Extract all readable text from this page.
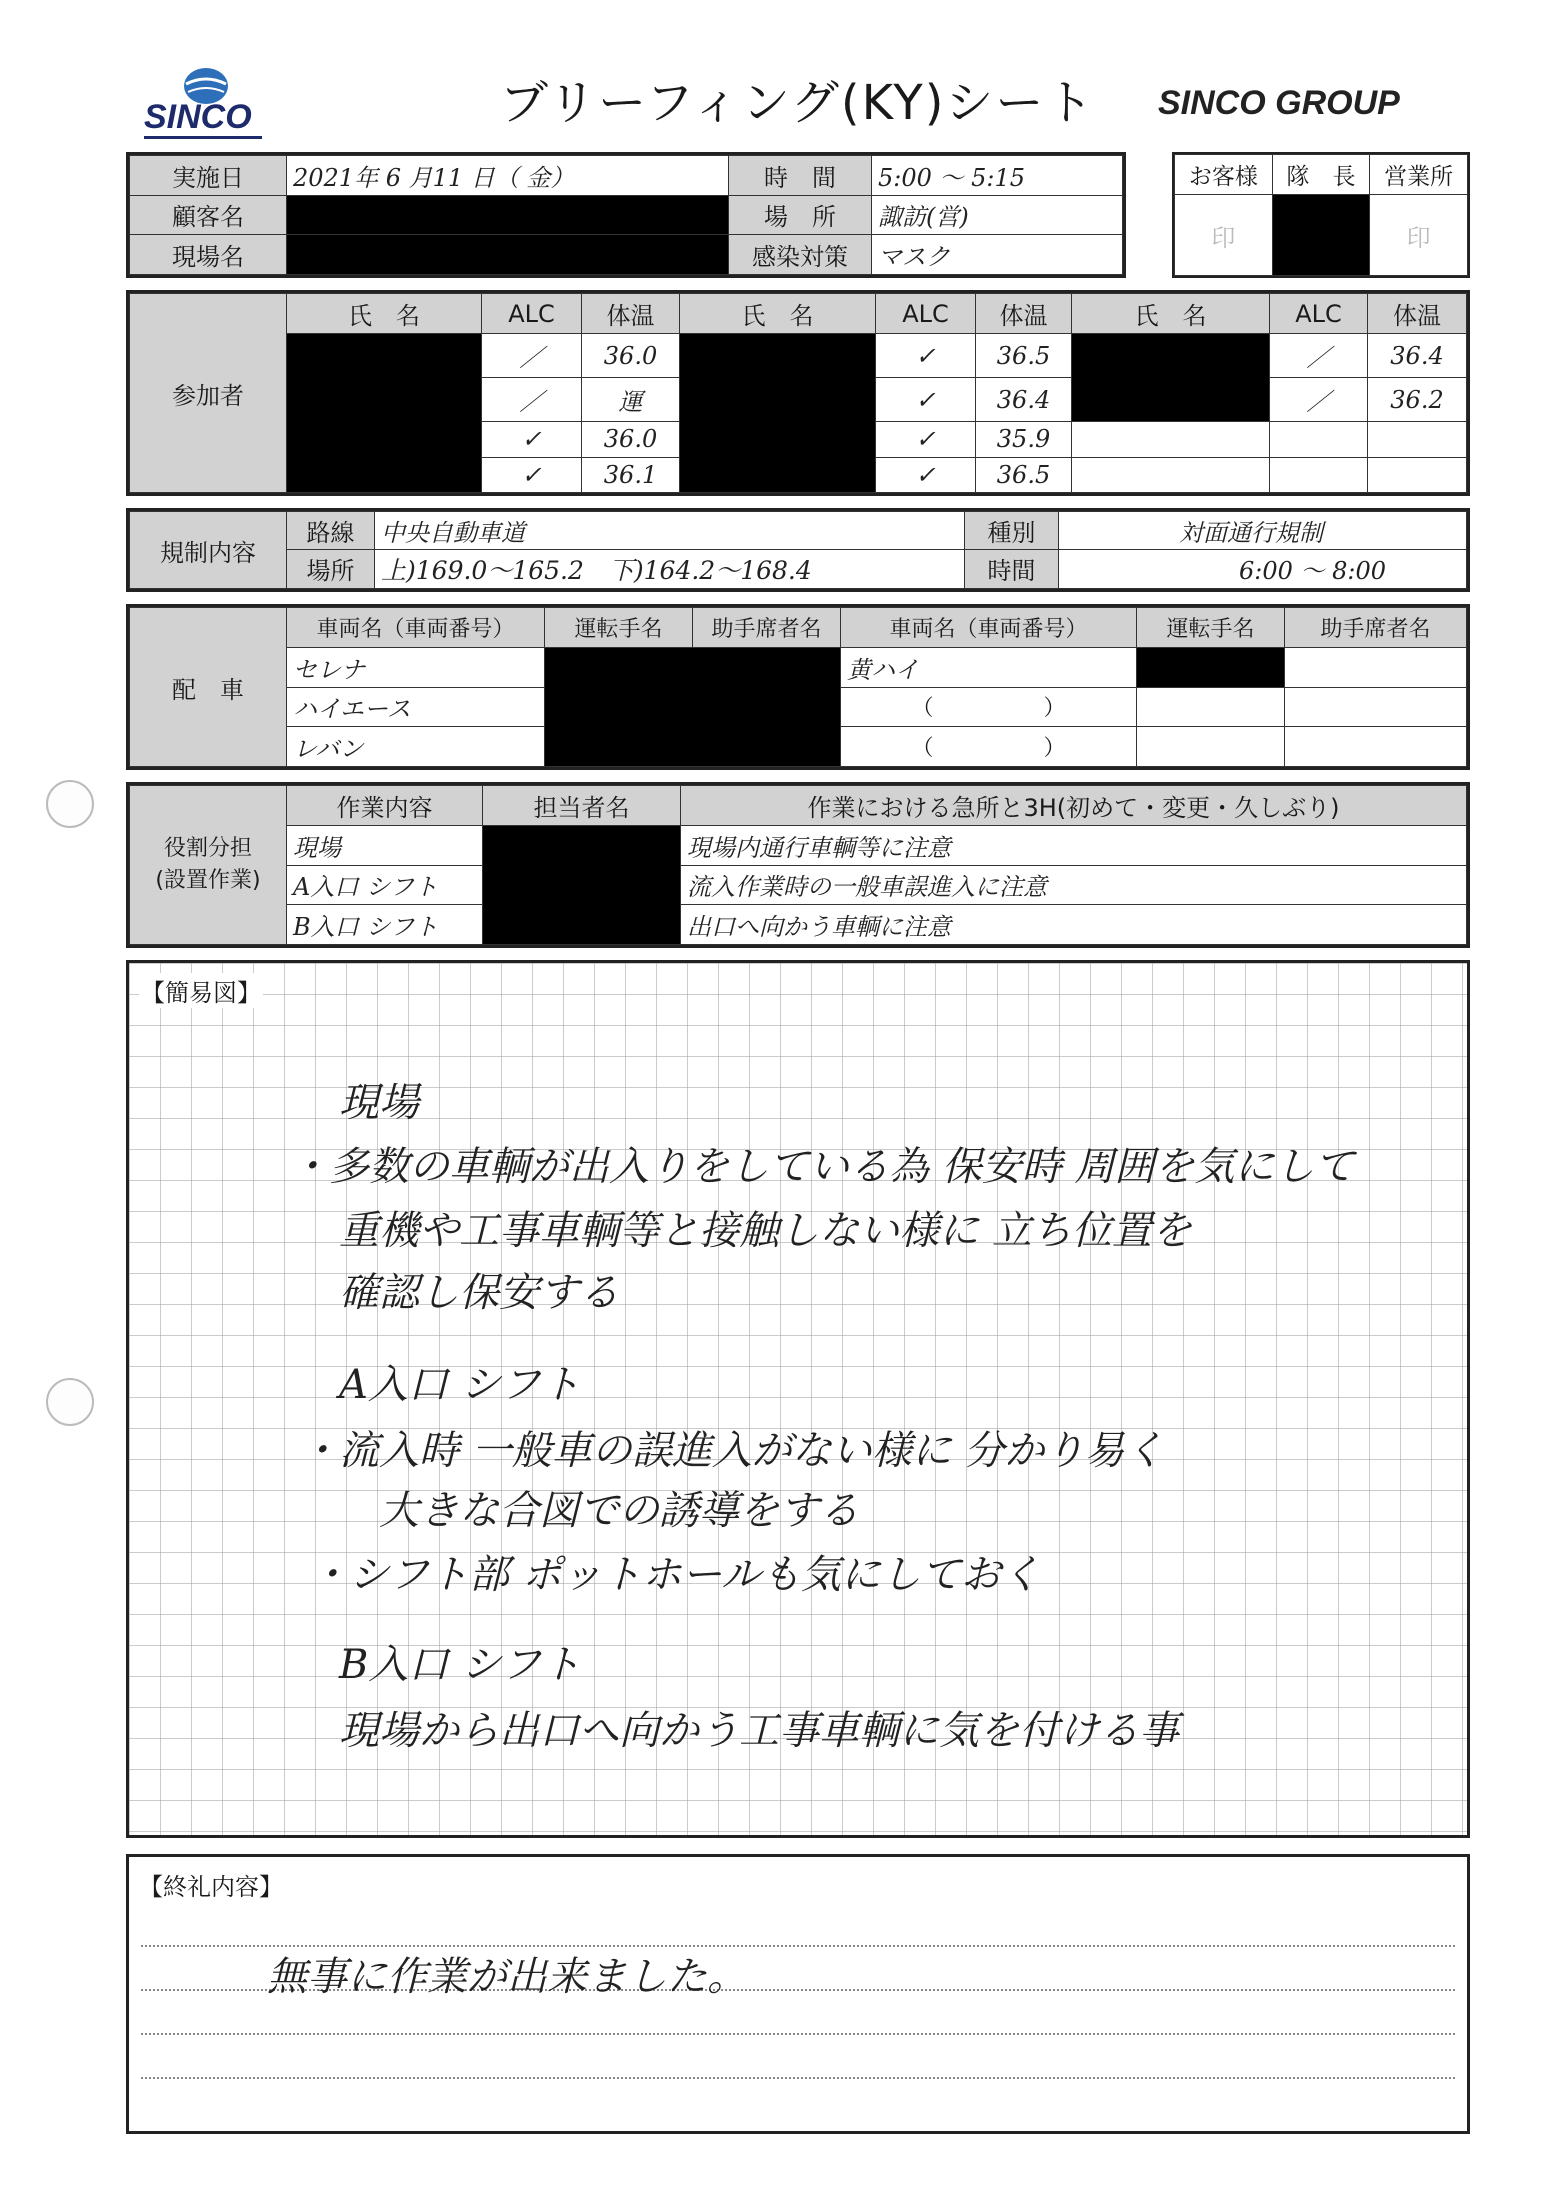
SINCO	ブリーフィング(KY)シート SINCO GROUP
実施日	2021年 6 月11 日（ 金）	時　間	5:00 ～ 5:15
顧客名		場　所	諏訪(営)
現場名		感染対策	マスク
お客様	隊　長	営業所
印		印
参加者	氏　名	ALC	体温	氏　名	ALC	体温	氏　名	ALC	体温
		／	36.0		✓	36.5		／	36.4
		／	運		✓	36.4		／	36.2
		✓	36.0		✓	35.9			
		✓	36.1		✓	36.5			
規制内容	路線	中央自動車道	種別	対面通行規制
	場所	上)169.0～165.2　下)164.2～168.4	時間	6:00 ～ 8:00
配　車	車両名（車両番号）	運転手名	助手席者名	車両名（車両番号）	運転手名	助手席者名
	セレナ			黄ハイ		
	ハイエース			（　　　　　）		
	レバン			（　　　　　）		
役割分担
(設置作業)	作業内容	担当者名	作業における急所と3H(初めて・変更・久しぶり)
	現場		現場内通行車輌等に注意
	A入口 シフト		流入作業時の一般車誤進入に注意
	B入口 シフト		出口へ向かう車輌に注意
【簡易図】
現場
・多数の車輌が出入りをしている為 保安時 周囲を気にして
重機や工事車輌等と接触しない様に 立ち位置を
確認し保安する
A入口 シフト
・流入時 一般車の誤進入がない様に 分かり易く
大きな合図での誘導をする
・シフト部 ポットホールも気にしておく
B入口 シフト
現場から出口へ向かう工事車輌に気を付ける事
【終礼内容】
無事に作業が出来ました。
